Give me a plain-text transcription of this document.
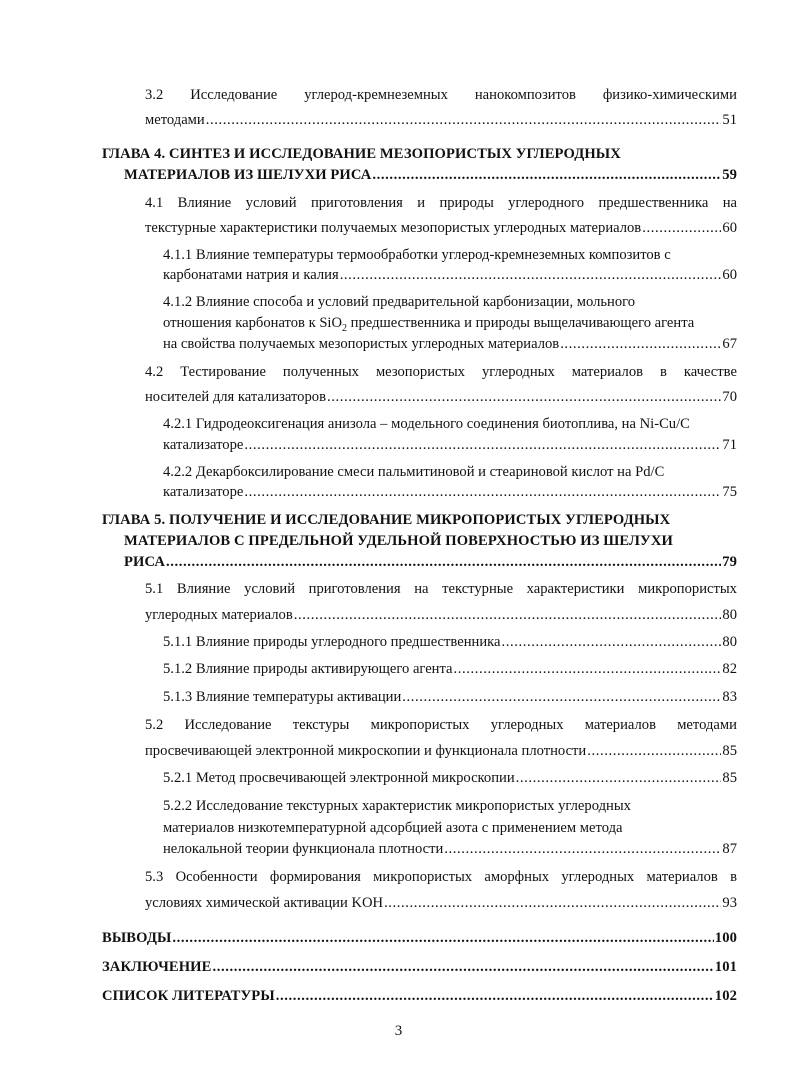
3.2 Исследование углерод-кремнеземных нанокомпозитов физико-химическими
методами .....	51
ГЛАВА 4. СИНТЕЗ И ИССЛЕДОВАНИЕ МЕЗОПОРИСТЫХ УГЛЕРОДНЫХ
МАТЕРИАЛОВ ИЗ ШЕЛУХИ РИСА .....	59
4.1 Влияние условий приготовления и природы углеродного предшественника на
текстурные характеристики получаемых мезопористых углеродных материалов .....	60
4.1.1 Влияние температуры термообработки углерод-кремнеземных композитов с
карбонатами натрия и калия .....	60
4.1.2 Влияние способа и условий предварительной карбонизации, мольного
отношения карбонатов к SiO$_2$ предшественника и природы выщелачивающего агента
на свойства получаемых мезопористых углеродных материалов .....	67
4.2 Тестирование полученных мезопористых углеродных материалов в качестве
носителей для катализаторов .....	70
4.2.1 Гидродеоксигенация анизола – модельного соединения биотоплива, на Ni-Cu/C
катализаторе .....	71
4.2.2 Декарбоксилирование смеси пальмитиновой и стеариновой кислот на Pd/C
катализаторе .....	75
ГЛАВА 5. ПОЛУЧЕНИЕ И ИССЛЕДОВАНИЕ МИКРОПОРИСТЫХ УГЛЕРОДНЫХ
МАТЕРИАЛОВ С ПРЕДЕЛЬНОЙ УДЕЛЬНОЙ ПОВЕРХНОСТЬЮ ИЗ ШЕЛУХИ
РИСА .....	79
5.1 Влияние условий приготовления на текстурные характеристики микропористых
углеродных материалов .....	80
5.1.1 Влияние природы углеродного предшественника .....	80
5.1.2 Влияние природы активирующего агента .....	82
5.1.3 Влияние температуры активации .....	83
5.2 Исследование текстуры микропористых углеродных материалов методами
просвечивающей электронной микроскопии и функционала плотности .....	85
5.2.1 Метод просвечивающей электронной микроскопии .....	85
5.2.2 Исследование текстурных характеристик микропористых углеродных
материалов низкотемпературной адсорбцией азота с применением метода
нелокальной теории функционала плотности .....	87
5.3 Особенности формирования микропористых аморфных углеродных материалов в
условиях химической активации KOH .....	93
ВЫВОДЫ .....	100
ЗАКЛЮЧЕНИЕ .....	101
СПИСОК ЛИТЕРАТУРЫ .....	102
3
